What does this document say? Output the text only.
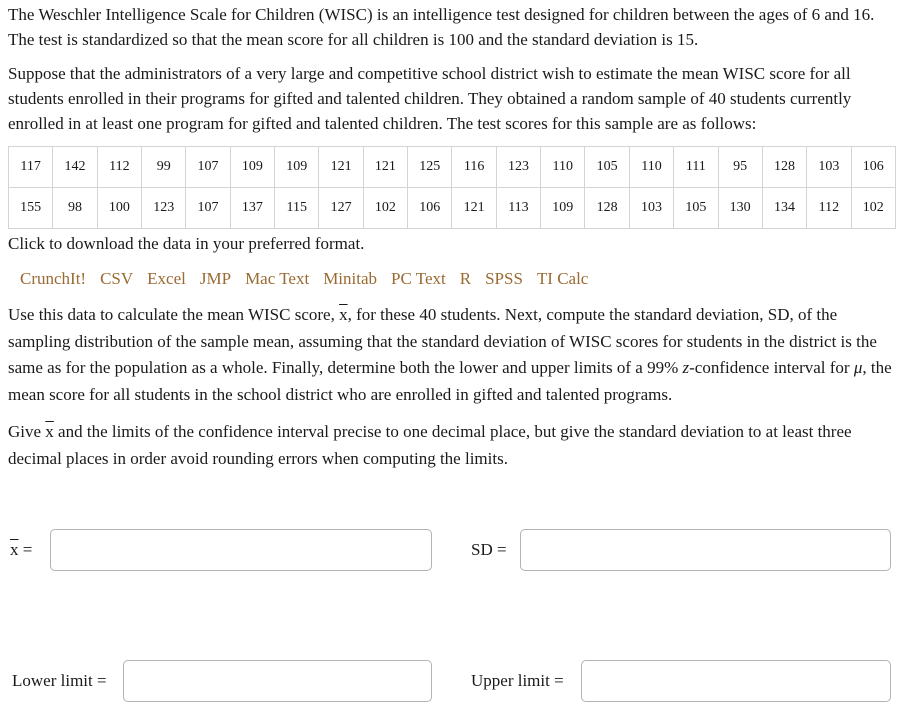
The Weschler Intelligence Scale for Children (WISC) is an intelligence test designed for children between the ages of 6 and 16. The test is standardized so that the mean score for all children is 100 and the standard deviation is 15.

Suppose that the administrators of a very large and competitive school district wish to estimate the mean WISC score for all students enrolled in their programs for gifted and talented children. They obtained a random sample of 40 students currently enrolled in at least one program for gifted and talented children. The test scores for this sample are as follows:

117	142	112	99	107	109	109	121	121	125	116	123	110	105	110	111	95	128	103	106
155	98	100	123	107	137	115	127	102	106	121	113	109	128	103	105	130	134	112	102

Click to download the data in your preferred format.

CrunchIt! CSV Excel JMP Mac Text Minitab PC Text R SPSS TI Calc

Use this data to calculate the mean WISC score, $\overline{x}$, for these 40 students. Next, compute the standard deviation, SD, of the sampling distribution of the sample mean, assuming that the standard deviation of WISC scores for students in the district is the same as for the population as a whole. Finally, determine both the lower and upper limits of a 99% z-confidence interval for μ, the mean score for all students in the school district who are enrolled in gifted and talented programs.

Give $\overline{x}$ and the limits of the confidence interval precise to one decimal place, but give the standard deviation to at least three decimal places in order avoid rounding errors when computing the limits.

$\overline{x}$ =	SD =
Lower limit =	Upper limit =
